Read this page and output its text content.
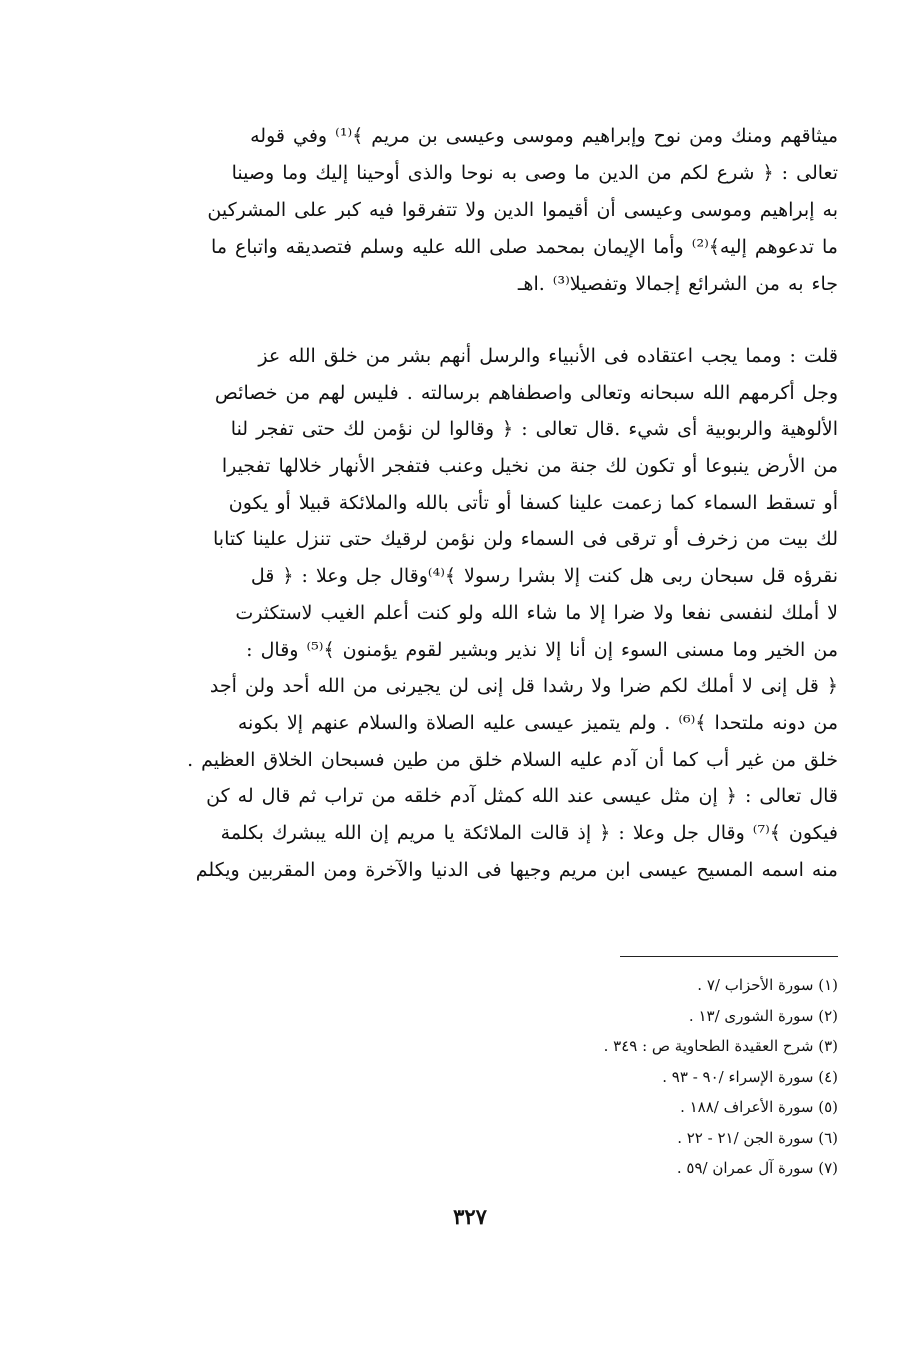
ميثاقهم ومنك ومن نوح وإبراهيم وموسى وعيسى بن مريم ﴾⁽¹⁾ وفي قوله
تعالى : ﴿ شرع لكم من الدين ما وصى به نوحا والذى أوحينا إليك وما وصينا
به إبراهيم وموسى وعيسى أن أقيموا الدين ولا تتفرقوا فيه كبر على المشركين
ما تدعوهم إليه﴾⁽²⁾ وأما الإيمان بمحمد صلى الله عليه وسلم فتصديقه واتباع ما
جاء به من الشرائع إجمالا وتفصيلا⁽³⁾ .اهـ
قلت : ومما يجب اعتقاده فى الأنبياء والرسل أنهم بشر من خلق الله عز
وجل أكرمهم الله سبحانه وتعالى واصطفاهم برسالته . فليس لهم من خصائص
الألوهية والربوبية أى شيء .قال تعالى : ﴿ وقالوا لن نؤمن لك حتى تفجر لنا
من الأرض ينبوعا أو تكون لك جنة من نخيل وعنب فتفجر الأنهار خلالها تفجيرا
أو تسقط السماء كما زعمت علينا كسفا أو تأتى بالله والملائكة قبيلا أو يكون
لك بيت من زخرف أو ترقى فى السماء ولن نؤمن لرقيك حتى تنزل علينا كتابا
نقرؤه قل سبحان ربى هل كنت إلا بشرا رسولا ﴾⁽⁴⁾وقال جل وعلا : ﴿ قل
لا أملك لنفسى نفعا ولا ضرا إلا ما شاء الله ولو كنت أعلم الغيب لاستكثرت
من الخير وما مسنى السوء إن أنا إلا نذير وبشير لقوم يؤمنون ﴾⁽⁵⁾ وقال :
﴿ قل إنى لا أملك لكم ضرا ولا رشدا قل إنى لن يجيرنى من الله أحد ولن أجد
من دونه ملتحدا ﴾⁽⁶⁾ . ولم يتميز عيسى عليه الصلاة والسلام عنهم إلا بكونه
خلق من غير أب كما أن آدم عليه السلام خلق من طين فسبحان الخلاق العظيم .
قال تعالى : ﴿ إن مثل عيسى عند الله كمثل آدم خلقه من تراب ثم قال له كن
فيكون ﴾⁽⁷⁾ وقال جل وعلا : ﴿ إذ قالت الملائكة يا مريم إن الله يبشرك بكلمة
منه اسمه المسيح عيسى ابن مريم وجيها فى الدنيا والآخرة ومن المقربين ويكلم
(١) سورة الأحزاب /٧ .
(٢) سورة الشورى /١٣ .
(٣) شرح العقيدة الطحاوية ص : ٣٤٩ .
(٤) سورة الإسراء /٩٠ - ٩٣ .
(٥) سورة الأعراف /١٨٨ .
(٦) سورة الجن /٢١ - ٢٢ .
(٧) سورة آل عمران /٥٩ .
٣٢٧
